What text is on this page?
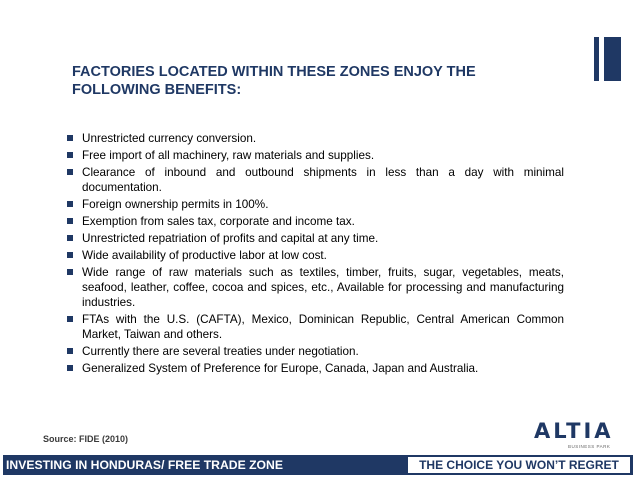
FACTORIES LOCATED WITHIN THESE ZONES ENJOY THE FOLLOWING BENEFITS:
Unrestricted currency conversion.
Free import of all machinery, raw materials and supplies.
Clearance of inbound and outbound shipments in less than a day with minimal documentation.
Foreign ownership permits in 100%.
Exemption from sales tax, corporate and income tax.
Unrestricted repatriation of profits and capital at any time.
Wide availability of productive labor at low cost.
Wide range of raw materials such as textiles, timber, fruits, sugar, vegetables, meats, seafood, leather, coffee, cocoa and spices, etc., Available for processing and manufacturing industries.
FTAs with the U.S. (CAFTA), Mexico, Dominican Republic, Central American Common Market, Taiwan and others.
Currently there are several treaties under negotiation.
Generalized System of Preference for Europe, Canada, Japan and Australia.
Source: FIDE (2010)	ALTIA
BUSINESS PARK
INVESTING IN HONDURAS/ FREE TRADE ZONE	THE CHOICE YOU WON’T REGRET
